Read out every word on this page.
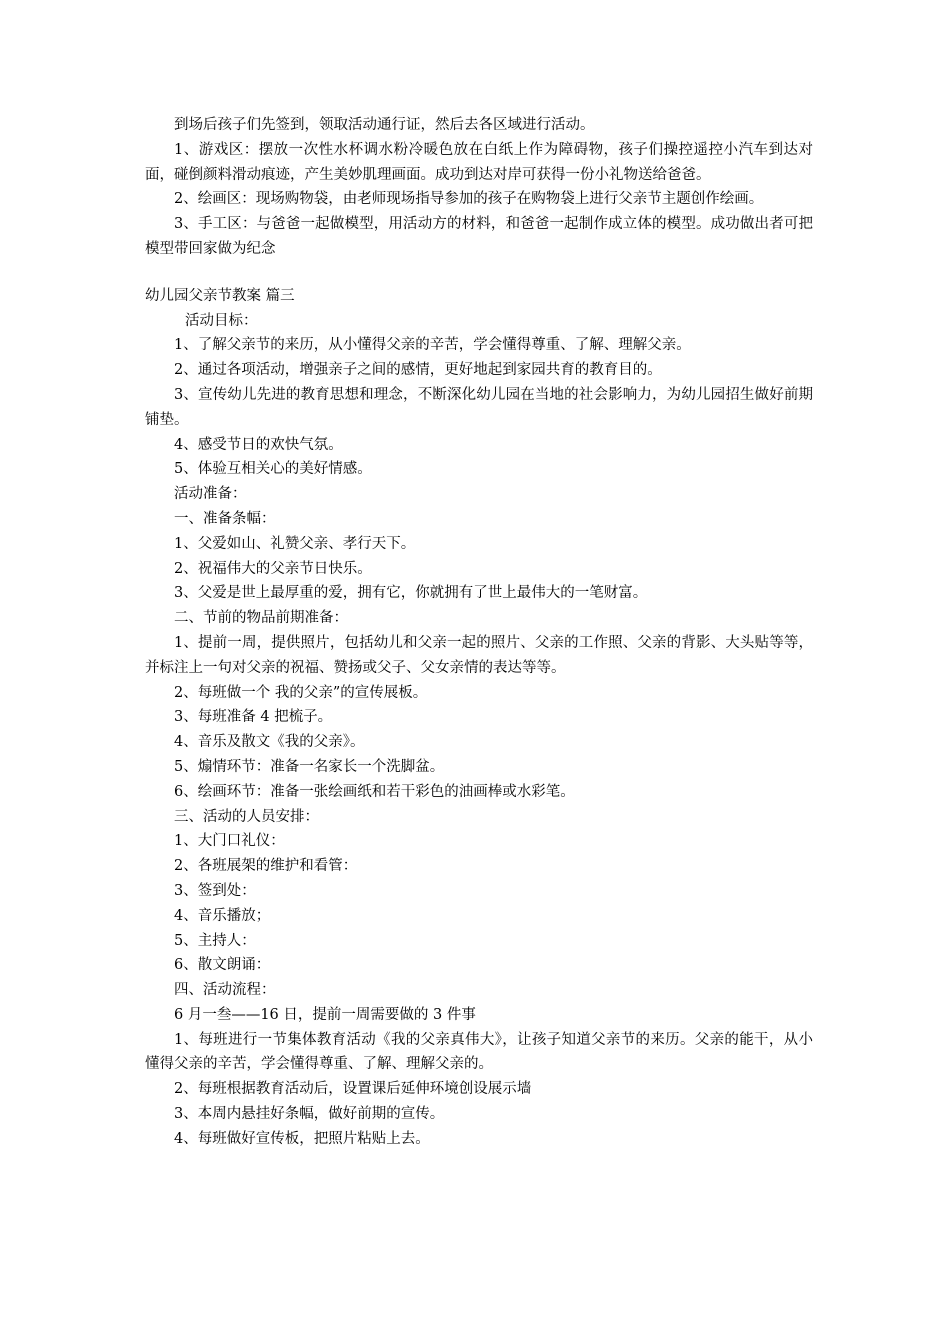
到场后孩子们先签到，领取活动通行证，然后去各区域进行活动。

1、游戏区：摆放一次性水杯调水粉冷暖色放在白纸上作为障碍物，孩子们操控遥控小汽车到达对面，碰倒颜料滑动痕迹，产生美妙肌理画面。成功到达对岸可获得一份小礼物送给爸爸。

2、绘画区：现场购物袋，由老师现场指导参加的孩子在购物袋上进行父亲节主题创作绘画。

3、手工区：与爸爸一起做模型，用活动方的材料，和爸爸一起制作成立体的模型。成功做出者可把模型带回家做为纪念

幼儿园父亲节教案 篇三

活动目标：

1、了解父亲节的来历，从小懂得父亲的辛苦，学会懂得尊重、了解、理解父亲。

2、通过各项活动，增强亲子之间的感情，更好地起到家园共育的教育目的。

3、宣传幼儿先进的教育思想和理念，不断深化幼儿园在当地的社会影响力，为幼儿园招生做好前期铺垫。

4、感受节日的欢快气氛。

5、体验互相关心的美好情感。

活动准备：

一、准备条幅：

1、父爱如山、礼赞父亲、孝行天下。

2、祝福伟大的父亲节日快乐。

3、父爱是世上最厚重的爱，拥有它，你就拥有了世上最伟大的一笔财富。

二、节前的物品前期准备：

1、提前一周，提供照片，包括幼儿和父亲一起的照片、父亲的工作照、父亲的背影、大头贴等等，并标注上一句对父亲的祝福、赞扬或父子、父女亲情的表达等等。

2、每班做一个 我的父亲”的宣传展板。

3、每班准备 4 把梳子。

4、音乐及散文《我的父亲》。

5、煽情环节：准备一名家长一个洗脚盆。

6、绘画环节：准备一张绘画纸和若干彩色的油画棒或水彩笔。

三、活动的人员安排：

1、大门口礼仪：

2、各班展架的维护和看管：

3、签到处：

4、音乐播放；

5、主持人：

6、散文朗诵：

四、活动流程：

6 月一叁——16 日，提前一周需要做的 3 件事

1、每班进行一节集体教育活动《我的父亲真伟大》，让孩子知道父亲节的来历。父亲的能干，从小懂得父亲的辛苦，学会懂得尊重、了解、理解父亲的。

2、每班根据教育活动后，设置课后延伸环境创设展示墙

3、本周内悬挂好条幅，做好前期的宣传。

4、每班做好宣传板，把照片粘贴上去。
